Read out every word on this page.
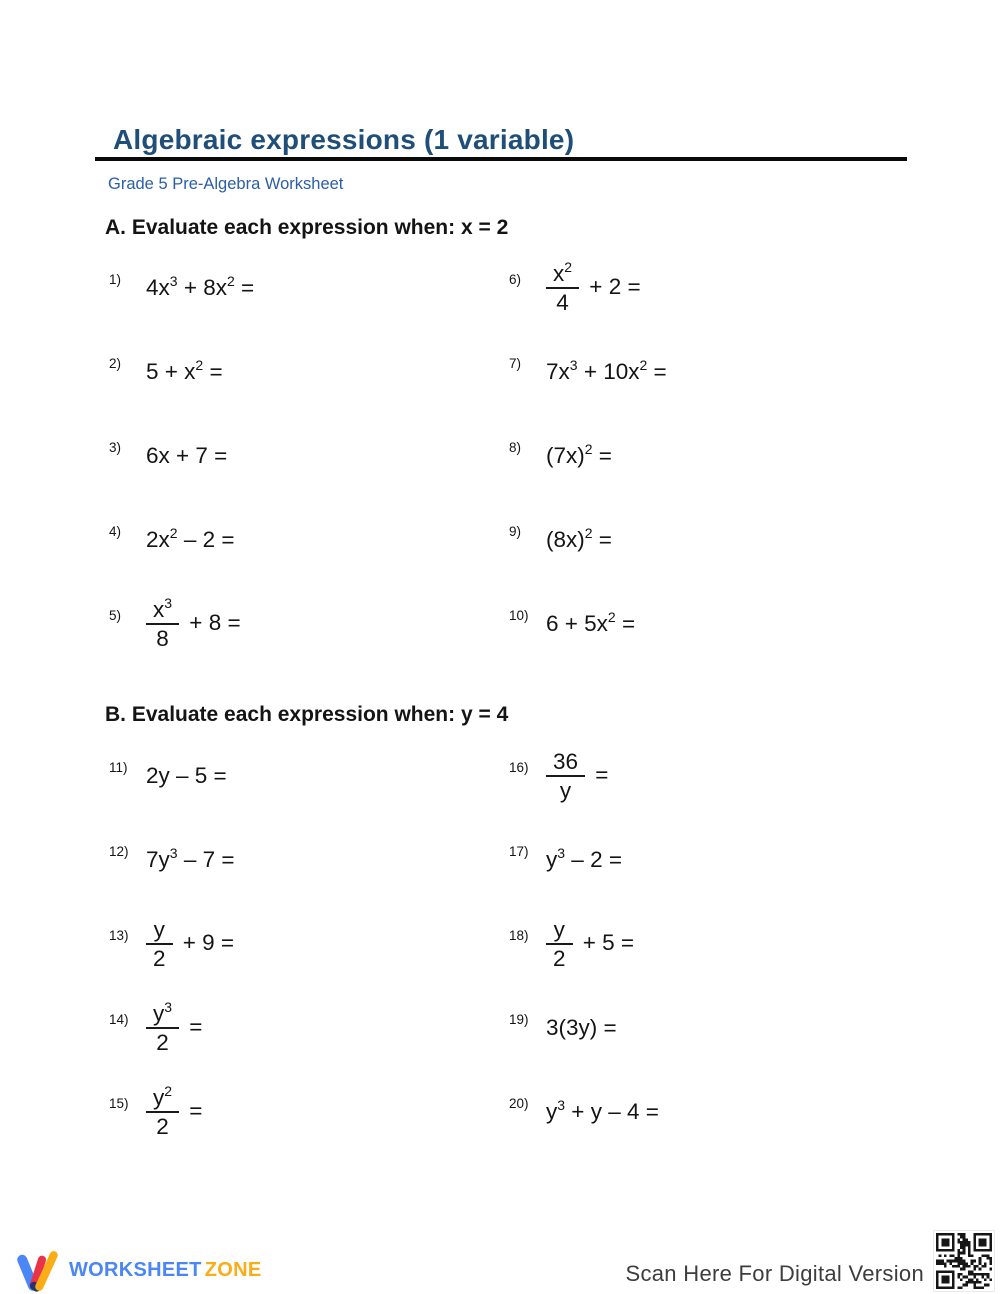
Algebraic expressions (1 variable)
Grade 5 Pre-Algebra Worksheet
A. Evaluate each expression when: x = 2
1)	$4x^3 + 8x^2$ =
2)	$5 + x^2$ =
3)	6x + 7 =
4)	$2x^2 - 2$ =
5)	$\frac{x^3}{8} + 8$ =
6)	$\frac{x^2}{4} + 2$ =
7)	$7x^3 + 10x^2$ =
8)	$(7x)^2$ =
9)	$(8x)^2$ =
10) $6 + 5x^2$ =
B. Evaluate each expression when: y = 4
11) 2y – 5 =
12) $7y^3 - 7$ =
$13) \frac{y}{2} + 9$ =
$14) \frac{y^3}{2}$ =
$15) \frac{y^2}{2}$ =
$16) \frac{36}{y}$ =
17) $y^3 - 2$ =
$18) \frac{y}{2} + 5$ =
19) 3(3y) =
20) $y^3 + y - 4$ =
WORKSHEET ZONE	Scan Here For Digital Version
